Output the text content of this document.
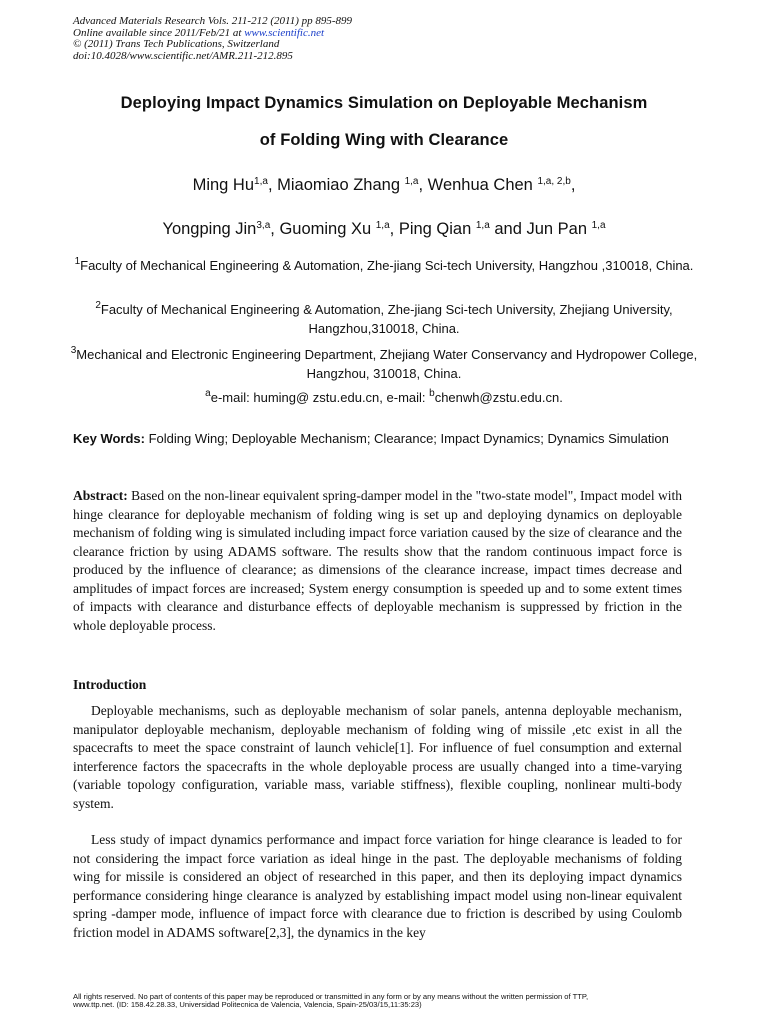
Advanced Materials Research Vols. 211-212 (2011) pp 895-899
Online available since 2011/Feb/21 at www.scientific.net
© (2011) Trans Tech Publications, Switzerland
doi:10.4028/www.scientific.net/AMR.211-212.895
Deploying Impact Dynamics Simulation on Deployable Mechanism
of Folding Wing with Clearance
Ming Hu$^{1,a}$, Miaomiao Zhang $^{1,a}$, Wenhua Chen $^{1,a, 2,b}$,
Yongping Jin$^{3,a}$, Guoming Xu $^{1,a}$, Ping Qian $^{1,a}$ and Jun Pan $^{1,a}$
$^1$Faculty of Mechanical Engineering & Automation, Zhe-jiang Sci-tech University, Hangzhou ,310018, China.
$^2$Faculty of Mechanical Engineering & Automation, Zhe-jiang Sci-tech University, Zhejiang University, Hangzhou,310018, China.
$^3$Mechanical and Electronic Engineering Department, Zhejiang Water Conservancy and Hydropower College, Hangzhou, 310018, China.
$^a$e-mail: huming@ zstu.edu.cn, e-mail: $^b$chenwh@zstu.edu.cn.
Key Words: Folding Wing; Deployable Mechanism; Clearance; Impact Dynamics; Dynamics Simulation
Abstract: Based on the non-linear equivalent spring-damper model in the "two-state model", Impact model with hinge clearance for deployable mechanism of folding wing is set up and deploying dynamics on deployable mechanism of folding wing is simulated including impact force variation caused by the size of clearance and the clearance friction by using ADAMS software. The results show that the random continuous impact force is produced by the influence of clearance; as dimensions of the clearance increase, impact times decrease and amplitudes of impact forces are increased; System energy consumption is speeded up and to some extent times of impacts with clearance and disturbance effects of deployable mechanism is suppressed by friction in the whole deployable process.
Introduction
Deployable mechanisms, such as deployable mechanism of solar panels, antenna deployable mechanism, manipulator deployable mechanism, deployable mechanism of folding wing of missile ,etc exist in all the spacecrafts to meet the space constraint of launch vehicle[1]. For influence of fuel consumption and external interference factors the spacecrafts in the whole deployable process are usually changed into a time-varying (variable topology configuration, variable mass, variable stiffness), flexible coupling, nonlinear multi-body system.
Less study of impact dynamics performance and impact force variation for hinge clearance is leaded to for not considering the impact force variation as ideal hinge in the past. The deployable mechanisms of folding wing for missile is considered an object of researched in this paper, and then its deploying impact dynamics performance considering hinge clearance is analyzed by establishing impact model using non-linear equivalent spring -damper mode, influence of impact force with clearance due to friction is described by using Coulomb friction model in ADAMS software[2,3], the dynamics in the key
All rights reserved. No part of contents of this paper may be reproduced or transmitted in any form or by any means without the written permission of TTP,
www.ttp.net. (ID: 158.42.28.33, Universidad Politecnica de Valencia, Valencia, Spain-25/03/15,11:35:23)
